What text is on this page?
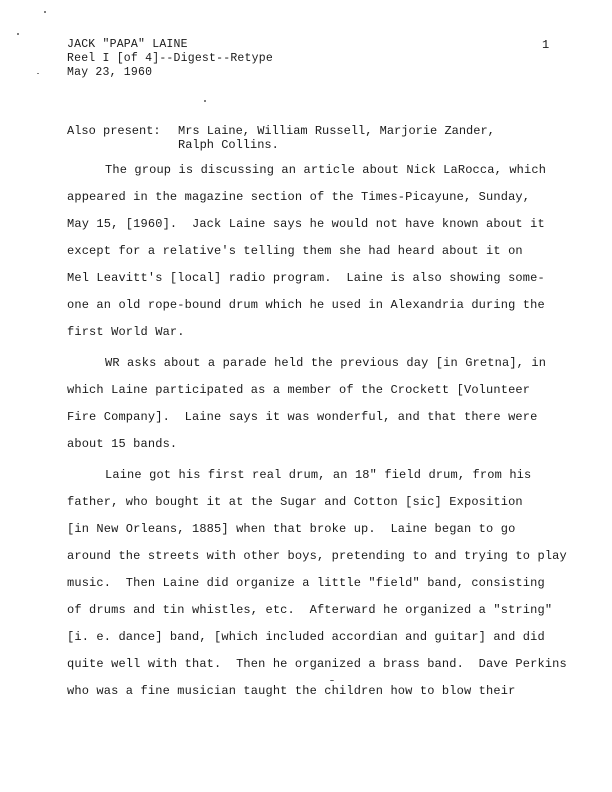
JACK "PAPA" LAINE
Reel I [of 4]--Digest--Retype
May 23, 1960
1
Also present: Mrs Laine, William Russell, Marjorie Zander,
Ralph Collins.
The group is discussing an article about Nick LaRocca, which
appeared in the magazine section of the Times-Picayune, Sunday,
May 15, [1960].  Jack Laine says he would not have known about it
except for a relative's telling them she had heard about it on
Mel Leavitt's [local] radio program.  Laine is also showing some-
one an old rope-bound drum which he used in Alexandria during the
first World War.
WR asks about a parade held the previous day [in Gretna], in
which Laine participated as a member of the Crockett [Volunteer
Fire Company].  Laine says it was wonderful, and that there were
about 15 bands.
Laine got his first real drum, an 18" field drum, from his
father, who bought it at the Sugar and Cotton [sic] Exposition
[in New Orleans, 1885] when that broke up.  Laine began to go
around the streets with other boys, pretending to and trying to play
music.  Then Laine did organize a little "field" band, consisting
of drums and tin whistles, etc.  Afterward he organized a "string"
[i. e. dance] band, [which included accordian and guitar] and did
quite well with that.  Then he organized a brass band.  Dave Perkins
who was a fine musician taught the children how to blow their
